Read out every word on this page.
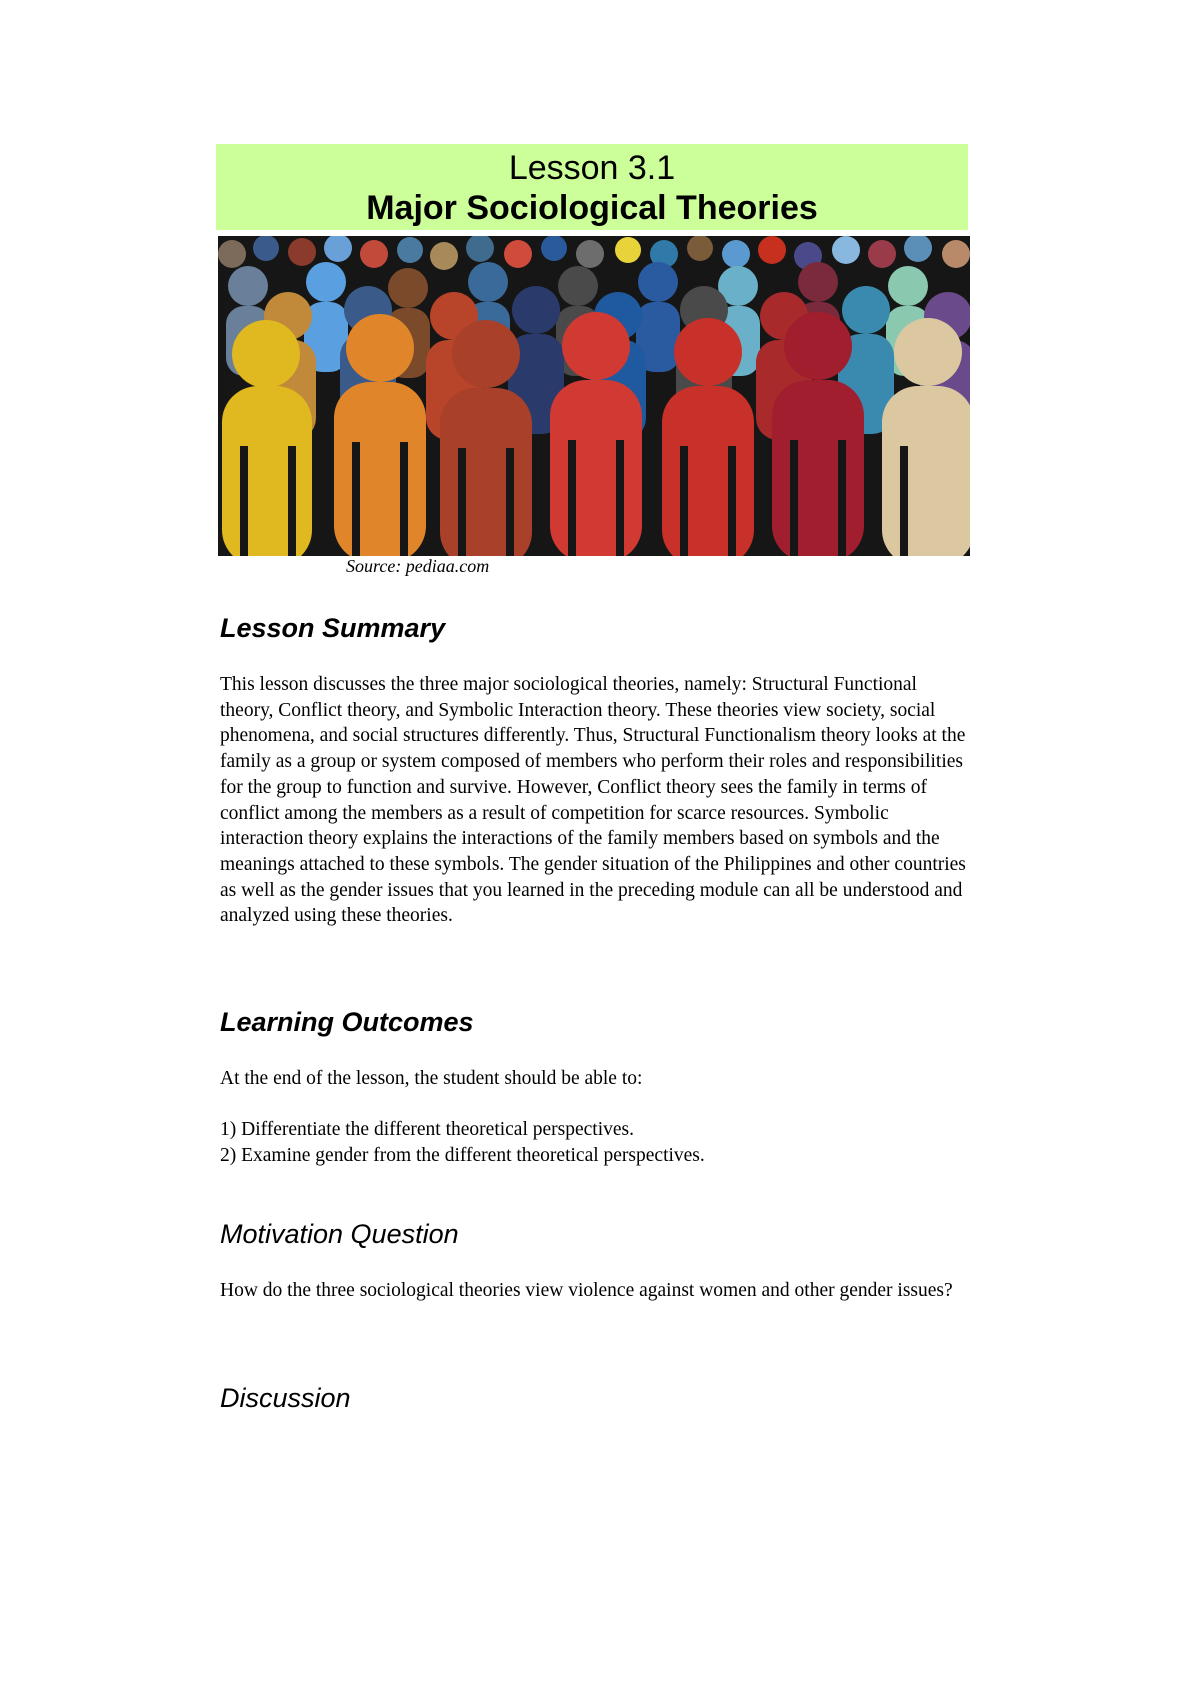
Lesson 3.1
Major Sociological Theories
Source: pediaa.com
Lesson Summary

This lesson discusses the three major sociological theories, namely: Structural Functional theory, Conflict theory, and Symbolic Interaction theory. These theories view society, social phenomena, and social structures differently. Thus, Structural Functionalism theory looks at the family as a group or system composed of members who perform their roles and responsibilities for the group to function and survive. However, Conflict theory sees the family in terms of conflict among the members as a result of competition for scarce resources. Symbolic interaction theory explains the interactions of the family members based on symbols and the meanings attached to these symbols. The gender situation of the Philippines and other countries as well as the gender issues that you learned in the preceding module can all be understood and analyzed using these theories.

Learning Outcomes

At the end of the lesson, the student should be able to:

1) Differentiate the different theoretical perspectives.

2) Examine gender from the different theoretical perspectives.

Motivation Question

How do the three sociological theories view violence against women and other gender issues?

Discussion
